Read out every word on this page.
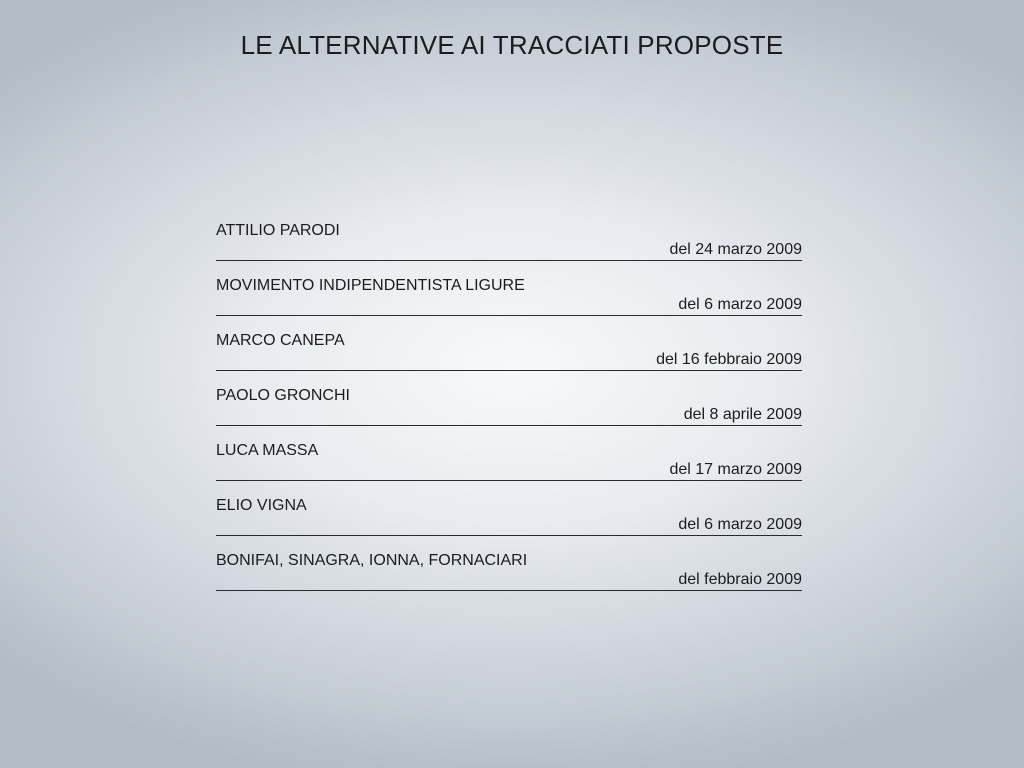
LE ALTERNATIVE AI TRACCIATI PROPOSTE
ATTILIO PARODI
del 24 marzo 2009
MOVIMENTO INDIPENDENTISTA LIGURE
del 6 marzo 2009
MARCO CANEPA
del 16 febbraio 2009
PAOLO GRONCHI
del 8 aprile 2009
LUCA MASSA
del 17 marzo 2009
ELIO VIGNA
del 6 marzo 2009
BONIFAI, SINAGRA, IONNA, FORNACIARI
del febbraio 2009
